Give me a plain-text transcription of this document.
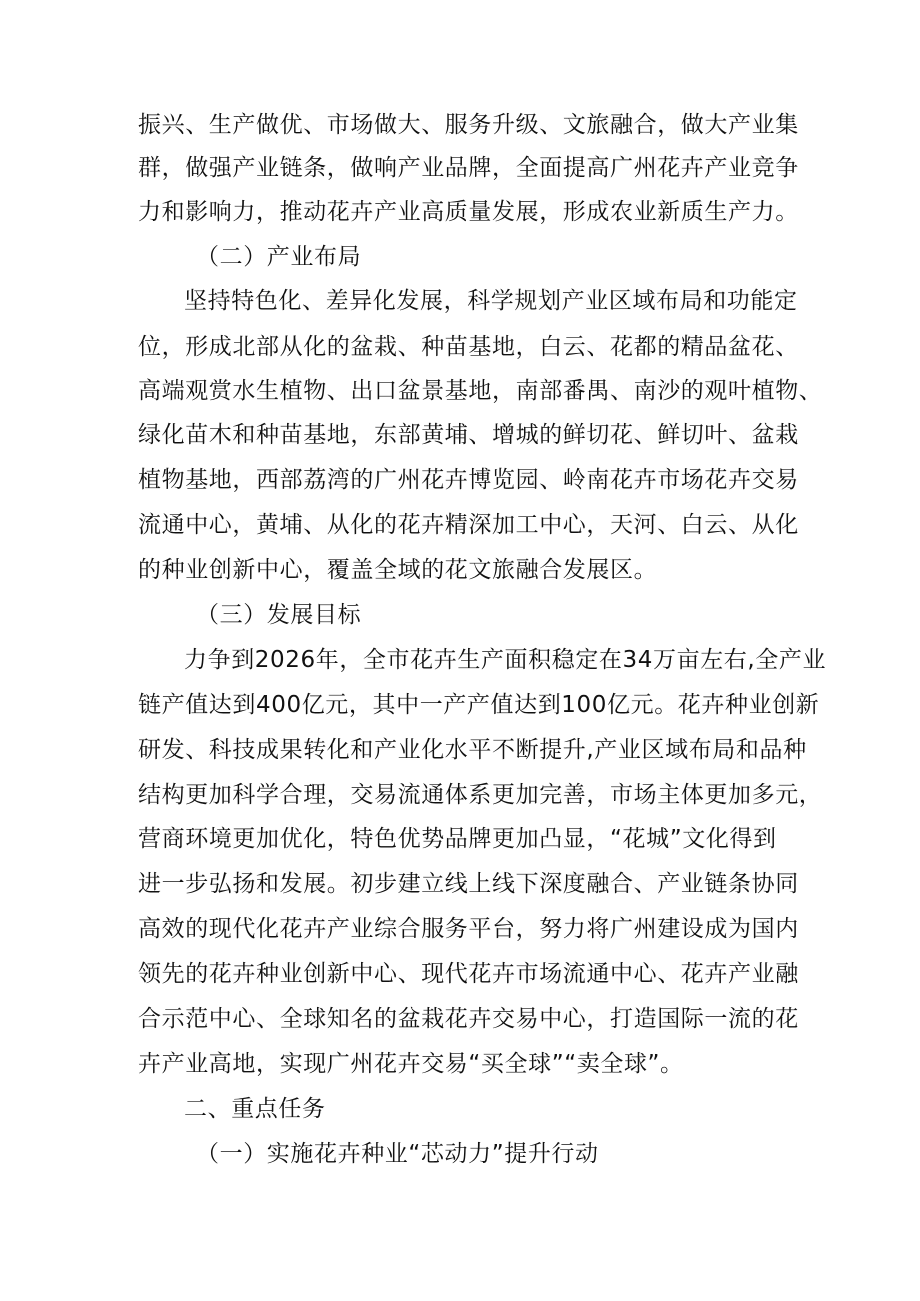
振兴、生产做优、市场做大、服务升级、文旅融合，做大产业集
群，做强产业链条，做响产业品牌，全面提高广州花卉产业竞争
力和影响力，推动花卉产业高质量发展，形成农业新质生产力。
（二）产业布局
坚持特色化、差异化发展，科学规划产业区域布局和功能定
位，形成北部从化的盆栽、种苗基地，白云、花都的精品盆花、
高端观赏水生植物、出口盆景基地，南部番禺、南沙的观叶植物、
绿化苗木和种苗基地，东部黄埔、增城的鲜切花、鲜切叶、盆栽
植物基地，西部荔湾的广州花卉博览园、岭南花卉市场花卉交易
流通中心，黄埔、从化的花卉精深加工中心，天河、白云、从化
的种业创新中心，覆盖全域的花文旅融合发展区。
（三）发展目标
力争到2026年，全市花卉生产面积稳定在34万亩左右,全产业
链产值达到400亿元，其中一产产值达到100亿元。花卉种业创新
研发、科技成果转化和产业化水平不断提升,产业区域布局和品种
结构更加科学合理，交易流通体系更加完善，市场主体更加多元，
营商环境更加优化，特色优势品牌更加凸显，“花城”文化得到
进一步弘扬和发展。初步建立线上线下深度融合、产业链条协同
高效的现代化花卉产业综合服务平台，努力将广州建设成为国内
领先的花卉种业创新中心、现代花卉市场流通中心、花卉产业融
合示范中心、全球知名的盆栽花卉交易中心，打造国际一流的花
卉产业高地，实现广州花卉交易“买全球”“卖全球”。
二、重点任务
（一）实施花卉种业“芯动力”提升行动
